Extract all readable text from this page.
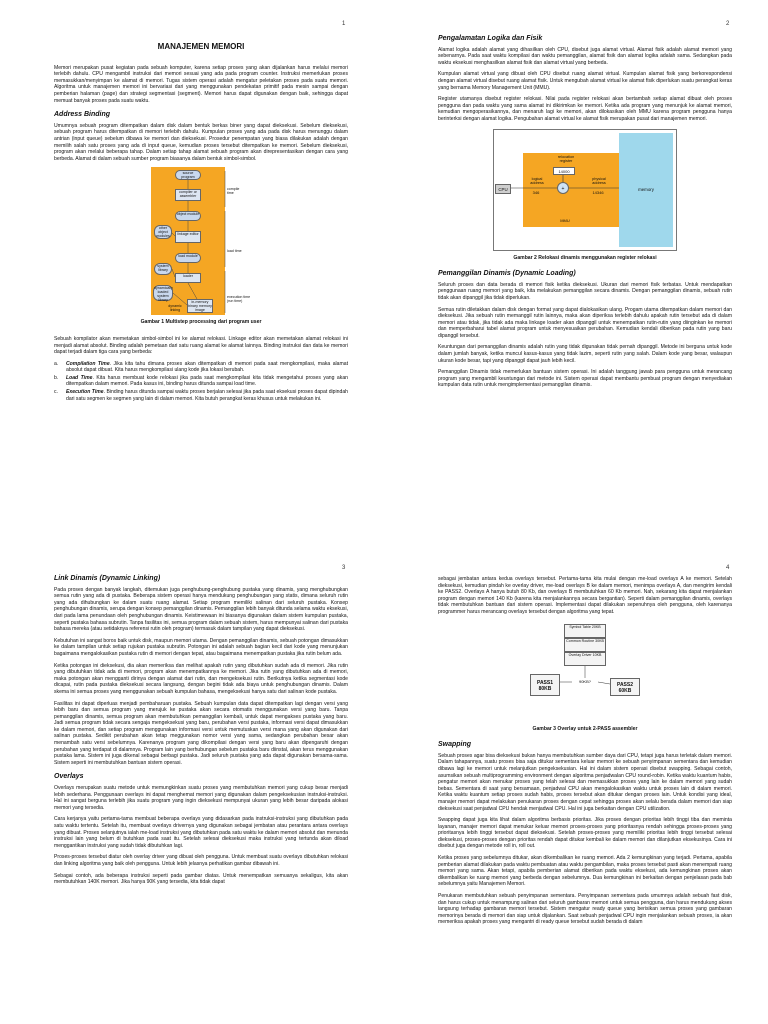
1
MANAJEMEN MEMORI

Memori merupakan pusat kegiatan pada sebuah komputer, karena setiap proses yang akan dijalankan harus melalui memori terlebih dahulu. CPU mengambil instruksi dari memori sesuai yang ada pada program counter. Instruksi memerlukan proses memasukkan/menyimpan ke alamat di memori. Tugas sistem operasi adalah mengatur peletakan proses pada suatu memori. Algoritma untuk manajemen memori ini bervariasi dari yang menggunakan pendekatan primitif pada mesin sampai dengan pemberian halaman (page) dan strategi segmentasi (segment). Memori harus dapat digunakan dengan baik, sehingga dapat memuat banyak proses pada suatu waktu.

Address Binding

Umumnya sebuah program ditempatkan dalam disk dalam bentuk berkas biner yang dapat dieksekusi. Sebelum dieksekusi, sebuah program harus ditempatkan di memori terlebih dahulu. Kumpulan proses yang ada pada disk harus menunggu dalam antrian (input queue) sebelum dibawa ke memori dan dieksekusi. Prosedur penempatan yang biasa dilakukan adalah dengan memilih salah satu proses yang ada di input queue, kemudian proses tersebut ditempatkan ke memori. Sebelum dieksekusi, program akan melalui beberapa tahap. Dalam setiap tahap alamat sebuah program akan direpresentasikan dengan cara yang berbeda. Alamat di dalam sebuah sumber program biasanya dalam bentuk simbol-simbol.

source program
compiler or assembler
object module
other object modules	linkage editor
load module
system library
loader
dynamically loaded system library	in-memory binary memory image
compile time
load time
execution time (run time)
dynamic linking
Gambar 1 Multistep processing dari program user

Sebuah kompilator akan memetakan simbol-simbol ini ke alamat relokasi. Linkage editor akan memetakan alamat relokasi ini menjadi alamat absolut. Binding adalah pemetaan dari satu ruang alamat ke alamat lainnya. Binding instruksi dan data ke memori dapat terjadi dalam tiga cara yang berbeda:

a. Compilation Time. Jika kita tahu dimana proses akan ditempatkan di memori pada saat mengkompilasi, maka alamat absolut dapat dibuat. Kita harus mengkompilasi ulang kode jika lokasi berubah.
b. Load Time. Kita harus membuat kode relokasi jika pada saat mengkompilasi kita tidak mengetahui proses yang akan ditempatkan dalam memori. Pada kasus ini, binding harus ditunda sampai load time.
c. Execution Time. Binding harus ditunda sampai waktu proses berjalan selesai jika pada saat eksekusi proses dapat dipindah dari satu segmen ke segmen yang lain di dalam memori. Kita butuh perangkat keras khusus untuk melakukan ini.
2
Pengalamatan Logika dan Fisik

Alamat logika adalah alamat yang dihasilkan oleh CPU, disebut juga alamat virtual. Alamat fisik adalah alamat memori yang sebenarnya. Pada saat waktu kompilasi dan waktu pemanggilan, alamat fisik dan alamat logika adalah sama. Sedangkan pada waktu eksekusi menghasilkan alamat fisik dan alamat virtual yang berbeda.

Kumpulan alamat virtual yang dibuat oleh CPU disebut ruang alamat virtual. Kumpulan alamat fisik yang berkorespondensi dengan alamat virtual disebut ruang alamat fisik. Untuk mengubah alamat virtual ke alamat fisik diperlukan suatu perangkat keras yang bernama Memory Management Unit (MMU).

Register utamanya disebut register relokasi. Nilai pada register relokasi akan bertambah setiap alamat dibuat oleh proses pengguna dan pada waktu yang sama alamat ini dikirimkan ke memori. Ketika ada program yang menunjuk ke alamat memori, kemudian mengoperasikannya, dan menaruh lagi ke memori, akan dilokasikan oleh MMU karena program pengguna hanya berinterksi dengan alamat logika. Pengubahan alamat virtual ke alamat fisik merupakan pusat dari manajemen memori.

memory
CPU
relocation register
14000
logical address
346
physical address
14346
+
MMU
Gambar 2 Relokasi dinamis menggunakan register relokasi
Pemanggilan Dinamis (Dynamic Loading)

Seluruh proses dan data berada di memori fisik ketika dieksekusi. Ukuran dari memori fisik terbatas. Untuk mendapatkan penggunaan ruang memori yang baik, kita melakukan pemanggilan secara dinamis. Dengan pemanggilan dinamis, sebuah rutin tidak akan dipanggil jika tidak diperlukan.

Semua rutin diletakkan dalam disk dengan format yang dapat dialokasikan ulang. Progam utama ditempatkan dalam memori dan dieksekusi. Jika sebuah rutin memanggil rutin lainnya, maka akan diperiksa terlebih dahulu apakah rutin tersebut ada di dalam memori atau tidak, jika tidak ada maka linkage loader akan dipanggil untuk menempatkan rutin-rutin yang diinginkan ke memori dan memperbaharui tabel alamat program untuk menyesuaikan perubahan. Kemudian kendali diberikan pada rutin yang baru dipanggil tersebut.

Keuntungan dari pemanggilan dinamis adalah rutin yang tidak digunakan tidak pernah dipanggil. Metode ini berguna untuk kode dalam jumlah banyak, ketika muncul kasus-kasus yang tidak lazim, seperti rutin yang salah. Dalam kode yang besar, walaupun ukuran kode besar, tapi yang dipanggil dapat jauh lebih kecil.

Pemanggilan Dinamis tidak memerlukan bantuan sistem operasi. Ini adalah tanggung jawab para pengguna untuk merancang program yang mengambil keuntungan dari metode ini. Sistem operasi dapat membantu pembuat program dengan menyediakan kumpulan data rutin untuk mengimplementasi pemanggilan dinamis.

3
Link Dinamis (Dynamic Linking)

Pada proses dengan banyak langkah, ditemukan juga penghubung-penghubung pustaka yang dinamis, yang menghubungkan semua rutin yang ada di pustaka. Beberapa sistem operasi hanya mendukung penghubungan yang statis, dimana seluruh rutin yang ada dihubungkan ke dalam suatu ruang alamat. Setiap program memiliki salinan dari seluruh pustaka. Konsep penghubungan dinamis, serupa dengan konsep pemanggilan dinamis. Pemanggilan lebih banyak ditunda selama waktu eksekusi, dari pada lama penundaan oleh penghubungan dinamis. Keistimewaan ini biasanya digunakan dalam sistem kumpulan pustaka, seperti pustaka bahasa subrutin. Tanpa fasilitas ini, semua program dalam sebuah sistem, harus mempunyai salinan dari pustaka bahasa mereka (atau setidaknya referensi rutin oleh program) termasuk dalam tampilan yang dapat dieksekusi.

Kebutuhan ini sangat boros baik untuk disk, maupun memori utama. Dengan pemanggilan dinamis, sebuah potongan dimasukkan ke dalam tampilan untuk setiap rujukan pustaka subrutin. Potongan ini adalah sebuah bagian kecil dari kode yang menunjukan bagaimana mengalokasikan pustaka rutin di memori dengan tepat, atau bagaimana menempatkan pustaka jika rutin belum ada.

Ketika potongan ini dieksekusi, dia akan memeriksa dan melihat apakah rutin yang dibutuhkan sudah ada di memori. Jika rutin yang dibutuhkan tidak ada di memori, program akan menempatkannya ke memori. Jika rutin yang dibutuhkan ada di memori, maka potongan akan mengganti dirinya dengan alamat dari rutin, dan mengeksekusi rutin. Berikutnya ketika segmentasi kode dicapai, rutin pada pustaka dieksekusi secara langsung, dengan begini tidak ada biaya untuk penghubungan dinamis. Dalam skema ini semua proses yang menggunakan sebuah kumpulan bahasa, mengeksekusi hanya satu dari salinan kode pustaka.

Fasilitas ini dapat diperluas menjadi pembaharuan pustaka. Sebuah kumpulan data dapat ditempatkan lagi dengan versi yang lebih baru dan semua program yang merujuk ke pustaka akan secara otomatis menggunakan versi yang baru. Tanpa pemanggilan dinamis, semua program akan membutuhkan pemanggilan kembali, untuk dapat mengakses pustaka yang baru. Jadi semua program tidak secara sengaja mengeksekusi yang baru, perubahan versi pustaka, informasi versi dapat dimasukkan ke dalam memori, dan setiap program menggunakan informasi versi untuk memutuskan versi mana yang akan digunakan dari salinan pustaka. Sedikit perubahan akan tetap meggunakan nomor versi yang sama, sedangkan perubahan besar akan menambah satu versi sebelumnya. Karenanya program yang dikompilasi dengan versi yang baru akan dipengaruhi dengan perubahan yang terdapat di dalamnya. Program lain yang berhubungan sebelum pustaka baru diinstal, akan terus menggunakan pustaka lama. Sistem ini juga dikenal sebagai berbagi pustaka. Jadi seluruh pustaka yang ada dapat digunakan bersama-sama. Sistem seperti ini membutuhkan bantuan sistem operasi.

Overlays

Overlays merupakan suatu metode untuk memungkinkan suatu proses yang membutuhkan memori yang cukup besar menjadi lebih sederhana. Penggunaan overlays ini dapat menghemat memori yang digunakan dalam pengeksekusian instruksi-instruksi. Hal ini sangat berguna terlebih jika suatu program yang ingin dieksekusi mempunyai ukuran yang lebih besar daripada alokasi memori yang tersedia.

Cara kerjanya yaitu pertama-tama membuat beberapa overlays yang didasarkan pada instruksi-instruksi yang dibutuhkan pada satu waktu tertentu. Setelah itu, membuat overlays drivernya yang digunakan sebagai jembatan atau perantara antara overlays yang dibuat. Proses selanjutnya ialah me-load instruksi yang dibutuhkan pada satu waktu ke dalam memori absolut dan menunda instruksi lain yang belum di butuhkan pada saat itu. Setelah selesai dieksekusi maka instruksi yang tertunda akan diload menggantikan instruksi yang sudah tidak dibutuhkan lagi.

Proses-proses tersebut diatur oleh overlay driver yang dibuat oleh pengguna. Untuk membuat suatu overlays dibutuhkan relokasi dan linking algoritma yang baik oleh pengguna. Untuk lebih jelasnya perhatikan gambar dibawah ini.

Sebagai contoh, ada beberapa instruksi seperti pada gambar diatas. Untuk menempatkan semuanya sekaligus, kita akan membutuhkan 140K memori. Jika hanya 90K yang tersedia, kita tidak dapat

4

sebagai jembatan antara kedua overlays tersebut. Pertama-tama kita mulai dengan me-load overlays A ke memori. Setelah dieksekusi, kemudian pindah ke overlay driver, me-load overlays B ke dalam memori, menimpa overlays A, dan mengirim kendali ke PASS2. Overlays A hanya butuh 80 Kb, dan overlays B membutuhkan 60 Kb memori. Nah, sekarang kita dapat menjalankan program dengan memori 140 Kb (karena kita menjalankannya secara bergantian). Seperti dalam pemanggilan dinamis, overlays tidak membutuhkan bantuan dari sistem operasi. Implementasi dapat dilakukan sepenuhnya oleh pengguna, oleh karenanya programmer harus merancang overlays tersebut dengan algoritma yang tepat.

Symbol Table 20KB
Common Routine 30KB
Overlay Driver 10KB
90KB?
PASS1
80KB
PASS2
60KB
Gambar 3 Overlay untuk 2-PASS assembler
Swapping

Sebuah proses agar bisa dieksekusi bukan hanya membutuhkan sumber daya dari CPU, tetapi juga harus terletak dalam memori. Dalam tahapannya, suatu proses bisa saja ditukar sementara keluar memori ke sebuah penyimpanan sementara dan kemudian dibawa lagi ke memori untuk melanjutkan pengeksekusian. Hal ini dalam sistem operasi disebut swapping. Sebagai contoh, asumsikan sebuah multiprogramming environment dengan algoritma penjadwalan CPU round-robin. Ketika waktu kuantum habis, pengatur memori akan menukar proses yang telah selesai dan memasukkan proses yang lain ke dalam memori yang sudah bebas. Sementara di saat yang bersamaan, penjadwal CPU akan mengalokasikan waktu untuk proses lain di dalam memori. Ketika waktu kuantum setiap proses sudah habis, proses tersebut akan ditukar dengan proses lain. Untuk kondisi yang ideal, manajer memori dapat melakukan penukaran proses dengan cepat sehingga proses akan selalu berada dalam memori dan siap dieksekusi saat penjadwal CPU hendak menjadwal CPU. Hal ini juga berkaitan dengan CPU utilization.

Swapping dapat juga kita lihat dalam algoritma berbasis prioritas. Jika proses dengan prioritas lebih tinggi tiba dan meminta layanan, manajer memori dapat menukar keluar memori proses-proses yang prioritasnya rendah sehingga proses-proses yang prioritasnya lebih tinggi tersebut dapat dieksekusi. Setelah proses-proses yang memiliki prioritas lebih tinggi tersebut selesai dieksekusi, proses-proses dengan prioritas rendah dapat ditukar kembali ke dalam memori dan dilanjutkan eksekusinya. Cara ini disebut juga dengan metode roll in, roll out.

Ketika proses yang sebelumnya ditukar, akan dikembalikan ke ruang memori. Ada 2 kemungkinan yang terjadi. Pertama, apabila pemberian alamat dilakukan pada waktu pembuatan atau waktu pengambilan, maka proses tersebut pasti akan menempati ruang memori yang sama. Akan tetapi, apabila pemberian alamat diberikan pada waktu eksekusi, ada kemungkinan proses akan dikembalikan ke ruang memori yang berbeda dengan sebelumnya. Dua kemungkinan ini berkaitan dengan penjelasan pada bab sebelumnya yaitu Manajemen Memori.

Penukaran membutuhkan sebuah penyimpanan sementara. Penyimpanan sementara pada umumnya adalah sebuah fast disk, dan harus cukup untuk menampung salinan dari seluruh gambaran memori untuk semua pengguna, dan harus mendukung akses langsung terhadap gambaran memori tersebut. Sistem mengatur ready queue yang berisikan semua proses yang gambaran memorinya berada di memori dan siap untuk dijalankan. Saat sebuah penjadwal CPU ingin menjalankan sebuah proses, ia akan memeriksa apakah proses yang mengantri di ready queue tersebut sudah berada di dalam
